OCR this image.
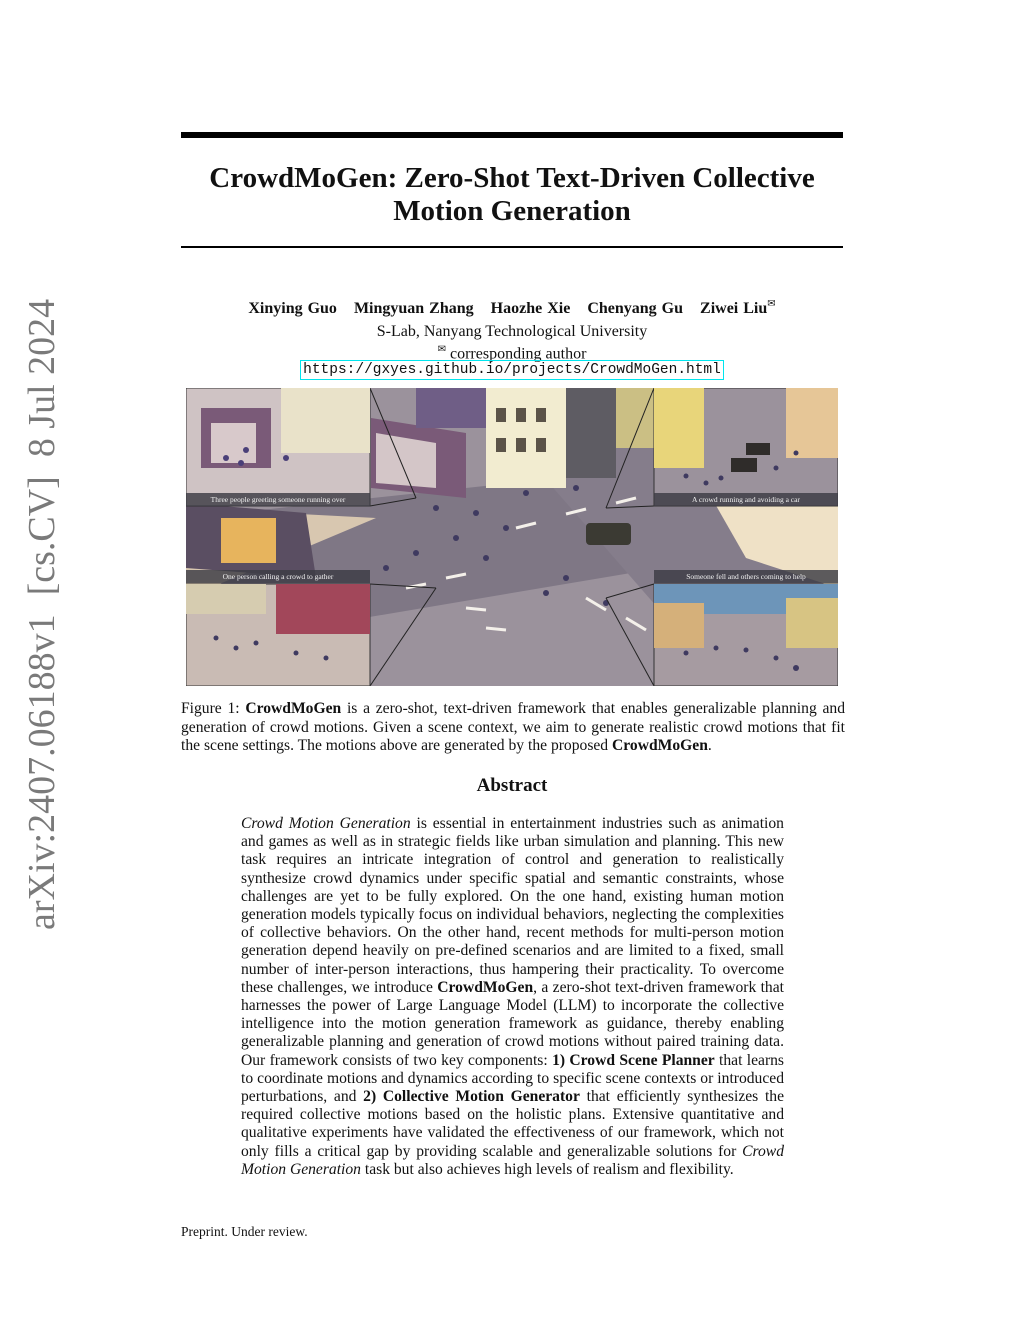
arXiv:2407.06188v1  [cs.CV]  8 Jul 2024
CrowdMoGen: Zero-Shot Text-Driven Collective Motion Generation
Xinying Guo Mingyuan Zhang Haozhe Xie Chenyang Gu Ziwei Liu✉
S-Lab, Nanyang Technological University
✉ corresponding author
https://gxyes.github.io/projects/CrowdMoGen.html
Three people greeting someone running over	A crowd running and avoiding a car
One person calling a crowd to gather	Someone fell and others coming to help
Figure 1: CrowdMoGen is a zero-shot, text-driven framework that enables generalizable planning and generation of crowd motions. Given a scene context, we aim to generate realistic crowd motions that fit the scene settings. The motions above are generated by the proposed CrowdMoGen.
Abstract
Crowd Motion Generation is essential in entertainment industries such as animation and games as well as in strategic fields like urban simulation and planning. This new task requires an intricate integration of control and generation to realistically synthesize crowd dynamics under specific spatial and semantic constraints, whose challenges are yet to be fully explored. On the one hand, existing human motion generation models typically focus on individual behaviors, neglecting the complexities of collective behaviors. On the other hand, recent methods for multi-person motion generation depend heavily on pre-defined scenarios and are limited to a fixed, small number of inter-person interactions, thus hampering their practicality. To overcome these challenges, we introduce CrowdMoGen, a zero-shot text-driven framework that harnesses the power of Large Language Model (LLM) to incorporate the collective intelligence into the motion generation framework as guidance, thereby enabling generalizable planning and generation of crowd motions without paired training data. Our framework consists of two key components: 1) Crowd Scene Planner that learns to coordinate motions and dynamics according to specific scene contexts or introduced perturbations, and 2) Collective Motion Generator that efficiently synthesizes the required collective motions based on the holistic plans. Extensive quantitative and qualitative experiments have validated the effectiveness of our framework, which not only fills a critical gap by providing scalable and generalizable solutions for Crowd Motion Generation task but also achieves high levels of realism and flexibility.
Preprint. Under review.
